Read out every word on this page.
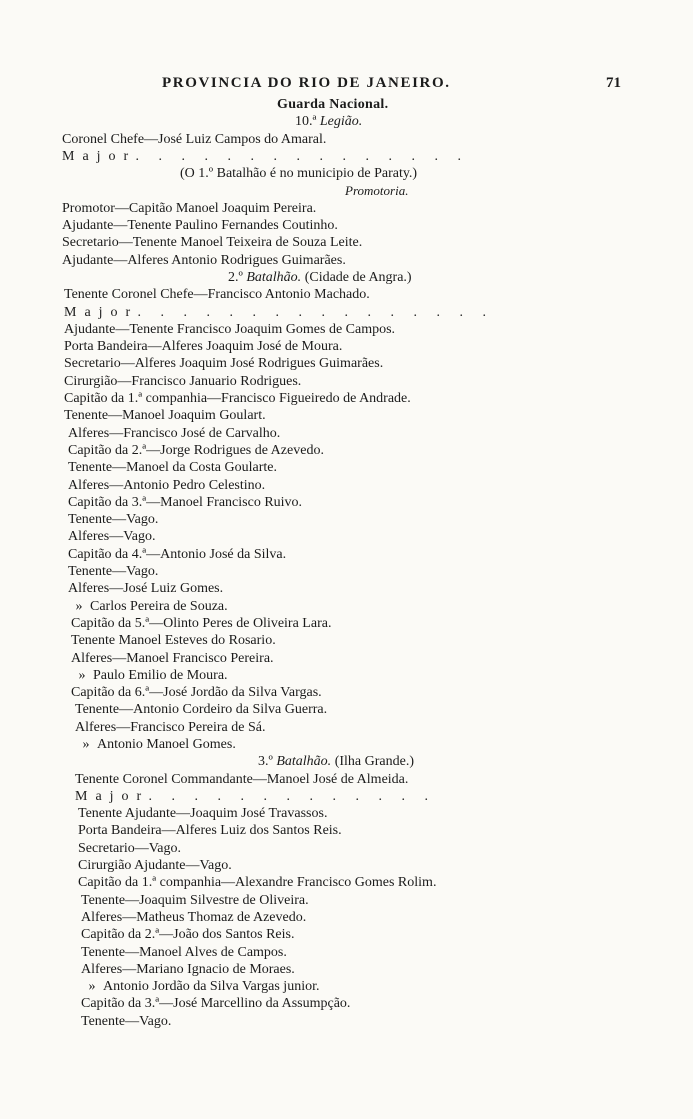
PROVINCIA DO RIO DE JANEIRO.	71
Guarda Nacional.
10.ª Legião.
Coronel Chefe—José Luiz Campos do Amaral.
Major. . . . . . . . . . . . . . .
(O 1.º Batalhão é no municipio de Paraty.)
Promotoria.
Promotor—Capitão Manoel Joaquim Pereira.
Ajudante—Tenente Paulino Fernandes Coutinho.
Secretario—Tenente Manoel Teixeira de Souza Leite.
Ajudante—Alferes Antonio Rodrigues Guimarães.
2.º Batalhão. (Cidade de Angra.)
Tenente Coronel Chefe—Francisco Antonio Machado.
Major. . . . . . . . . . . . . . . .
Ajudante—Tenente Francisco Joaquim Gomes de Campos.
Porta Bandeira—Alferes Joaquim José de Moura.
Secretario—Alferes Joaquim José Rodrigues Guimarães.
Cirurgião—Francisco Januario Rodrigues.
Capitão da 1.ª companhia—Francisco Figueiredo de Andrade.
Tenente—Manoel Joaquim Goulart.
Alferes—Francisco José de Carvalho.
Capitão da 2.ª—Jorge Rodrigues de Azevedo.
Tenente—Manoel da Costa Goularte.
Alferes—Antonio Pedro Celestino.
Capitão da 3.ª—Manoel Francisco Ruivo.
Tenente—Vago.
Alferes—Vago.
Capitão da 4.ª—Antonio José da Silva.
Tenente—Vago.
Alferes—José Luiz Gomes.
» Carlos Pereira de Souza.
Capitão da 5.ª—Olinto Peres de Oliveira Lara.
Tenente Manoel Esteves do Rosario.
Alferes—Manoel Francisco Pereira.
» Paulo Emilio de Moura.
Capitão da 6.ª—José Jordão da Silva Vargas.
Tenente—Antonio Cordeiro da Silva Guerra.
Alferes—Francisco Pereira de Sá.
» Antonio Manoel Gomes.
3.º Batalhão. (Ilha Grande.)
Tenente Coronel Commandante—Manoel José de Almeida.
Major. . . . . . . . . . . . .
Tenente Ajudante—Joaquim José Travassos.
Porta Bandeira—Alferes Luiz dos Santos Reis.
Secretario—Vago.
Cirurgião Ajudante—Vago.
Capitão da 1.ª companhia—Alexandre Francisco Gomes Rolim.
Tenente—Joaquim Silvestre de Oliveira.
Alferes—Matheus Thomaz de Azevedo.
Capitão da 2.ª—João dos Santos Reis.
Tenente—Manoel Alves de Campos.
Alferes—Mariano Ignacio de Moraes.
» Antonio Jordão da Silva Vargas junior.
Capitão da 3.ª—José Marcellino da Assumpção.
Tenente—Vago.
